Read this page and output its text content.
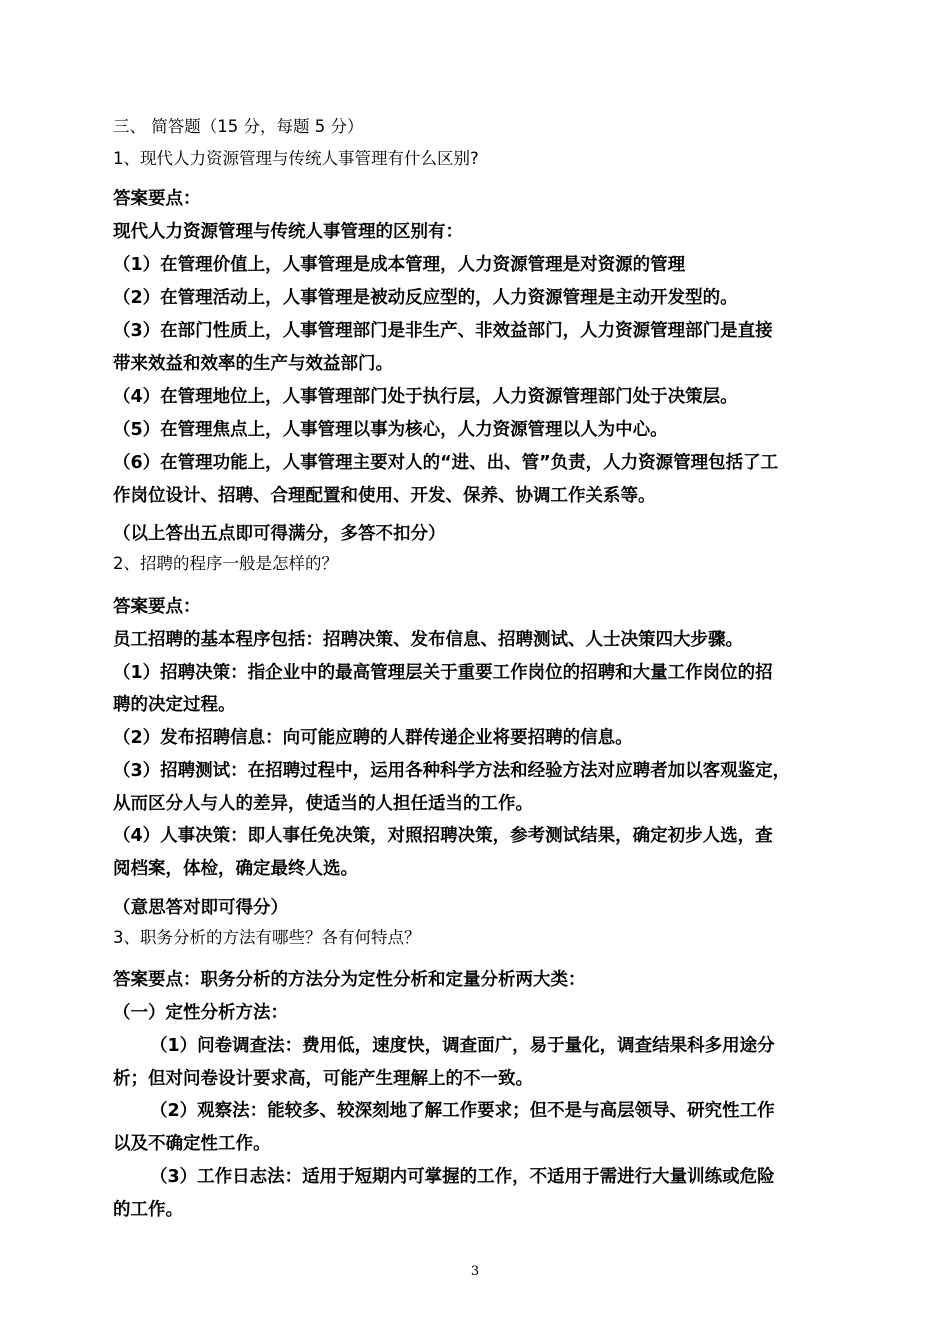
三、 简答题（15 分，每题 5 分）
1、现代人力资源管理与传统人事管理有什么区别?
答案要点：
现代人力资源管理与传统人事管理的区别有：
（1）在管理价值上，人事管理是成本管理，人力资源管理是对资源的管理
（2）在管理活动上，人事管理是被动反应型的，人力资源管理是主动开发型的。
（3）在部门性质上，人事管理部门是非生产、非效益部门，人力资源管理部门是直接
带来效益和效率的生产与效益部门。
（4）在管理地位上，人事管理部门处于执行层，人力资源管理部门处于决策层。
（5）在管理焦点上，人事管理以事为核心，人力资源管理以人为中心。
（6）在管理功能上，人事管理主要对人的“进、出、管”负责，人力资源管理包括了工
作岗位设计、招聘、合理配置和使用、开发、保养、协调工作关系等。
（以上答出五点即可得满分，多答不扣分）
2、招聘的程序一般是怎样的？
答案要点：
员工招聘的基本程序包括：招聘决策、发布信息、招聘测试、人士决策四大步骤。
（1）招聘决策：指企业中的最高管理层关于重要工作岗位的招聘和大量工作岗位的招
聘的决定过程。
（2）发布招聘信息：向可能应聘的人群传递企业将要招聘的信息。
（3）招聘测试：在招聘过程中，运用各种科学方法和经验方法对应聘者加以客观鉴定，
从而区分人与人的差异，使适当的人担任适当的工作。
（4）人事决策：即人事任免决策，对照招聘决策，参考测试结果，确定初步人选，查
阅档案，体检，确定最终人选。
（意思答对即可得分）
3、职务分析的方法有哪些？各有何特点？
答案要点：职务分析的方法分为定性分析和定量分析两大类：
（一）定性分析方法：
（1）问卷调查法：费用低，速度快，调查面广，易于量化，调查结果科多用途分
析；但对问卷设计要求高，可能产生理解上的不一致。
（2）观察法：能较多、较深刻地了解工作要求；但不是与高层领导、研究性工作
以及不确定性工作。
（3）工作日志法：适用于短期内可掌握的工作，不适用于需进行大量训练或危险
的工作。
3
